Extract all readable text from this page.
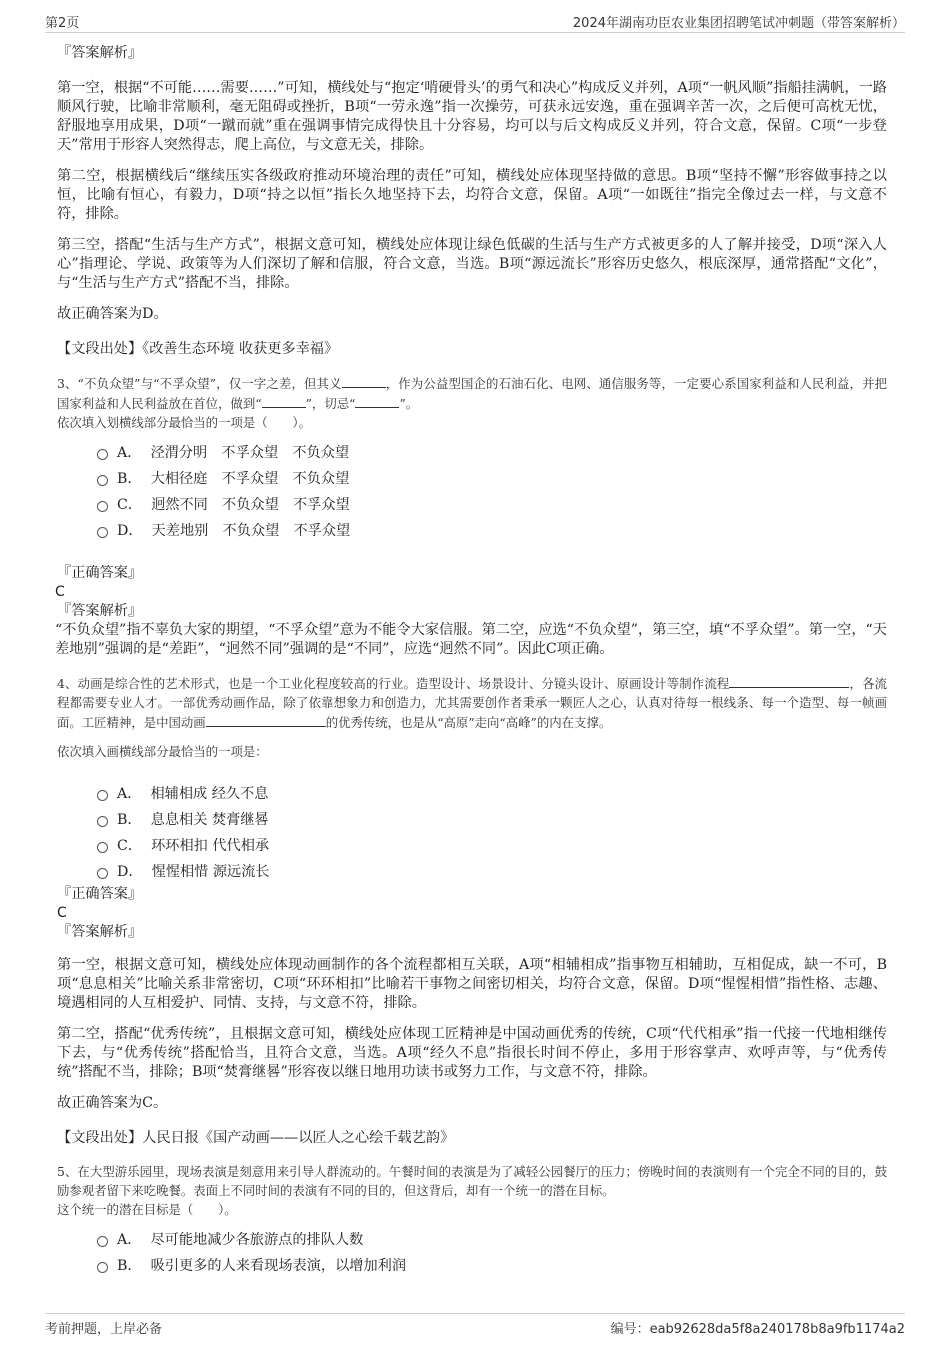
第2页	2024年湖南功臣农业集团招聘笔试冲刺题（带答案解析）

『答案解析』

第一空，根据“不可能……需要……”可知，横线处与“抱定‘啃硬骨头’的勇气和决心”构成反义并列，A项“一帆风顺”指船挂满帆，一路顺风行驶，比喻非常顺利，毫无阻碍或挫折，B项“一劳永逸”指一次操劳，可获永远安逸，重在强调辛苦一次，之后便可高枕无忧，舒服地享用成果，D项“一蹴而就”重在强调事情完成得快且十分容易，均可以与后文构成反义并列，符合文意，保留。C项“一步登天”常用于形容人突然得志，爬上高位，与文意无关，排除。

第二空，根据横线后“继续压实各级政府推动环境治理的责任”可知，横线处应体现坚持做的意思。B项“坚持不懈”形容做事持之以恒，比喻有恒心，有毅力，D项“持之以恒”指长久地坚持下去，均符合文意，保留。A项“一如既往”指完全像过去一样，与文意不符，排除。

第三空，搭配“生活与生产方式”，根据文意可知，横线处应体现让绿色低碳的生活与生产方式被更多的人了解并接受，D项“深入人心”指理论、学说、政策等为人们深切了解和信服，符合文意，当选。B项“源远流长”形容历史悠久，根底深厚，通常搭配“文化”，与“生活与生产方式”搭配不当，排除。

故正确答案为D。

【文段出处】《改善生态环境 收获更多幸福》

3、“不负众望”与“不孚众望”，仅一字之差，但其义	，作为公益型国企的石油石化、电网、通信服务等，一定要心系国家利益和人民利益，并把国家利益和人民利益放在首位，做到“	”，切忌“	”。

依次填入划横线部分最恰当的一项是（　　）。

A． 泾渭分明　不孚众望　不负众望

B． 大相径庭　不孚众望　不负众望

C． 迥然不同　不负众望　不孚众望

D． 天差地别　不负众望　不孚众望

『正确答案』

C

『答案解析』

“不负众望”指不辜负大家的期望，“不孚众望”意为不能令大家信服。第二空，应选“不负众望”，第三空，填“不孚众望”。第一空，“天差地别”强调的是“差距”，“迥然不同”强调的是“不同”，应选“迥然不同”。因此C项正确。

4、动画是综合性的艺术形式，也是一个工业化程度较高的行业。造型设计、场景设计、分镜头设计、原画设计等制作流程	，各流程都需要专业人才。一部优秀动画作品，除了依靠想象力和创造力，尤其需要创作者秉承一颗匠人之心，认真对待每一根线条、每一个造型、每一帧画面。工匠精神，是中国动画	的优秀传统，也是从“高原”走向“高峰”的内在支撑。

依次填入画横线部分最恰当的一项是：

A． 相辅相成 经久不息

B． 息息相关 焚膏继晷

C． 环环相扣 代代相承

D． 惺惺相惜 源远流长

『正确答案』

C

『答案解析』

第一空，根据文意可知，横线处应体现动画制作的各个流程都相互关联，A项“相辅相成”指事物互相辅助，互相促成，缺一不可，B项“息息相关”比喻关系非常密切，C项“环环相扣”比喻若干事物之间密切相关，均符合文意，保留。D项“惺惺相惜”指性格、志趣、境遇相同的人互相爱护、同情、支持，与文意不符，排除。

第二空，搭配“优秀传统”，且根据文意可知，横线处应体现工匠精神是中国动画优秀的传统，C项“代代相承”指一代接一代地相继传下去，与“优秀传统”搭配恰当，且符合文意，当选。A项“经久不息”指很长时间不停止，多用于形容掌声、欢呼声等，与“优秀传统”搭配不当，排除；B项“焚膏继晷”形容夜以继日地用功读书或努力工作，与文意不符，排除。

故正确答案为C。

【文段出处】人民日报《国产动画——以匠人之心绘千载艺韵》

5、在大型游乐园里，现场表演是刻意用来引导人群流动的。午餐时间的表演是为了减轻公园餐厅的压力；傍晚时间的表演则有一个完全不同的目的，鼓励参观者留下来吃晚餐。表面上不同时间的表演有不同的目的，但这背后，却有一个统一的潜在目标。

这个统一的潜在目标是（　　）。

A． 尽可能地减少各旅游点的排队人数

B． 吸引更多的人来看现场表演，以增加利润

考前押题，上岸必备	编号：eab92628da5f8a240178b8a9fb1174a2
